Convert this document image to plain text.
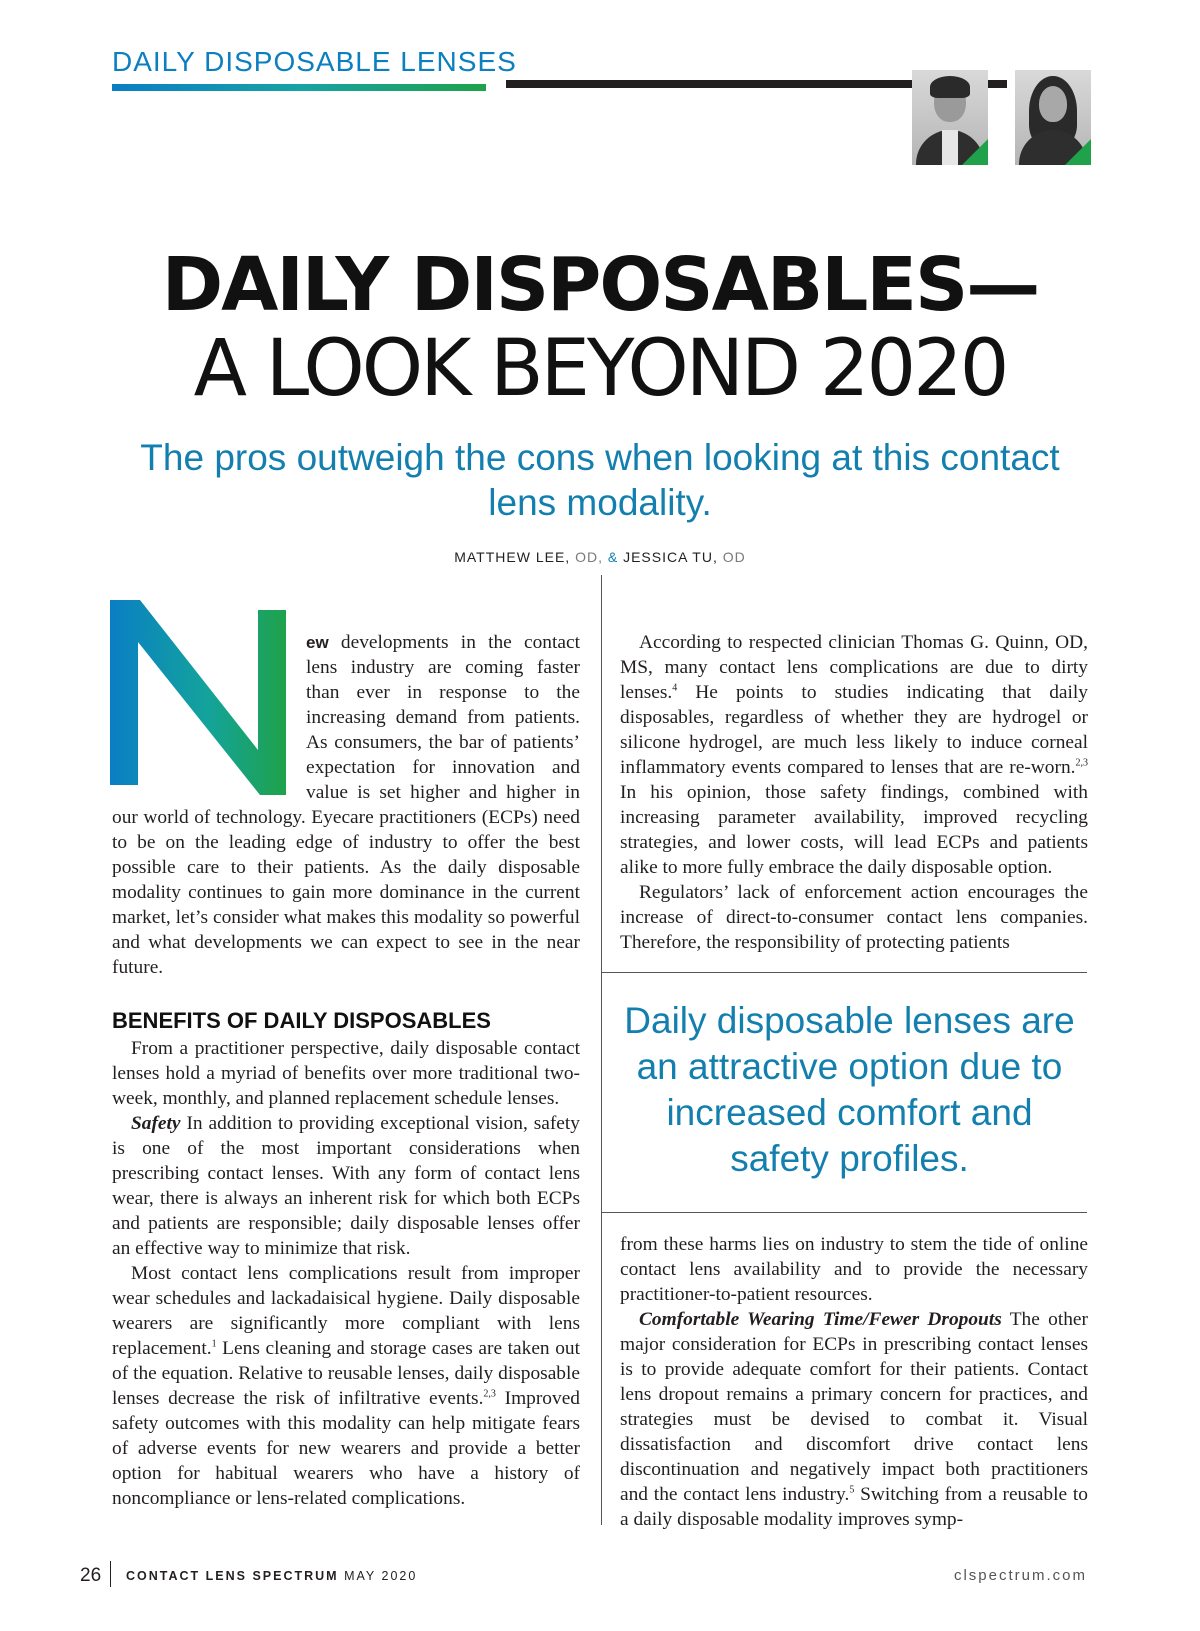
DAILY DISPOSABLE LENSES
DAILY DISPOSABLES—
A LOOK BEYOND 2020
The pros outweigh the cons when looking at this contact lens modality.
MATTHEW LEE, OD, & JESSICA TU, OD

ew developments in the contact lens industry are coming faster than ever in response to the increasing demand from patients. As consumers, the bar of patients’ expectation for innovation and value is set higher and higher in our world of technology. Eyecare practitioners (ECPs) need to be on the leading edge of industry to offer the best possible care to their patients. As the daily disposable modality continues to gain more dominance in the current market, let’s consider what makes this modality so powerful and what developments we can expect to see in the near future.

BENEFITS OF DAILY DISPOSABLES

From a practitioner perspective, daily disposable contact lenses hold a myriad of benefits over more traditional two-week, monthly, and planned replacement schedule lenses.

Safety In addition to providing exceptional vision, safety is one of the most important considerations when prescribing contact lenses. With any form of contact lens wear, there is always an inherent risk for which both ECPs and patients are responsible; daily disposable lenses offer an effective way to minimize that risk.

Most contact lens complications result from improper wear schedules and lackadaisical hygiene. Daily disposable wearers are significantly more compliant with lens replacement.$^1$ Lens cleaning and storage cases are taken out of the equation. Relative to reusable lenses, daily disposable lenses decrease the risk of infiltrative events.$^{2,3}$ Improved safety outcomes with this modality can help mitigate fears of adverse events for new wearers and provide a better option for habitual wearers who have a history of noncompliance or lens-related complications.

According to respected clinician Thomas G. Quinn, OD, MS, many contact lens complications are due to dirty lenses.$^4$ He points to studies indicating that daily disposables, regardless of whether they are hydrogel or silicone hydrogel, are much less likely to induce corneal inflammatory events compared to lenses that are re-worn.$^{2,3}$ In his opinion, those safety findings, combined with increasing parameter availability, improved recycling strategies, and lower costs, will lead ECPs and patients alike to more fully embrace the daily disposable option.

Regulators’ lack of enforcement action encourages the increase of direct-to-consumer contact lens companies. Therefore, the responsibility of protecting patients

Daily disposable lenses are an attractive option due to increased comfort and safety profiles.

from these harms lies on industry to stem the tide of online contact lens availability and to provide the necessary practitioner-to-patient resources.

Comfortable Wearing Time/Fewer Dropouts The other major consideration for ECPs in prescribing contact lenses is to provide adequate comfort for their patients. Contact lens dropout remains a primary concern for practices, and strategies must be devised to combat it. Visual dissatisfaction and discomfort drive contact lens discontinuation and negatively impact both practitioners and the contact lens industry.$^5$ Switching from a reusable to a daily disposable modality improves symp-

26 CONTACT LENS SPECTRUM MAY 2020	clspectrum.com
